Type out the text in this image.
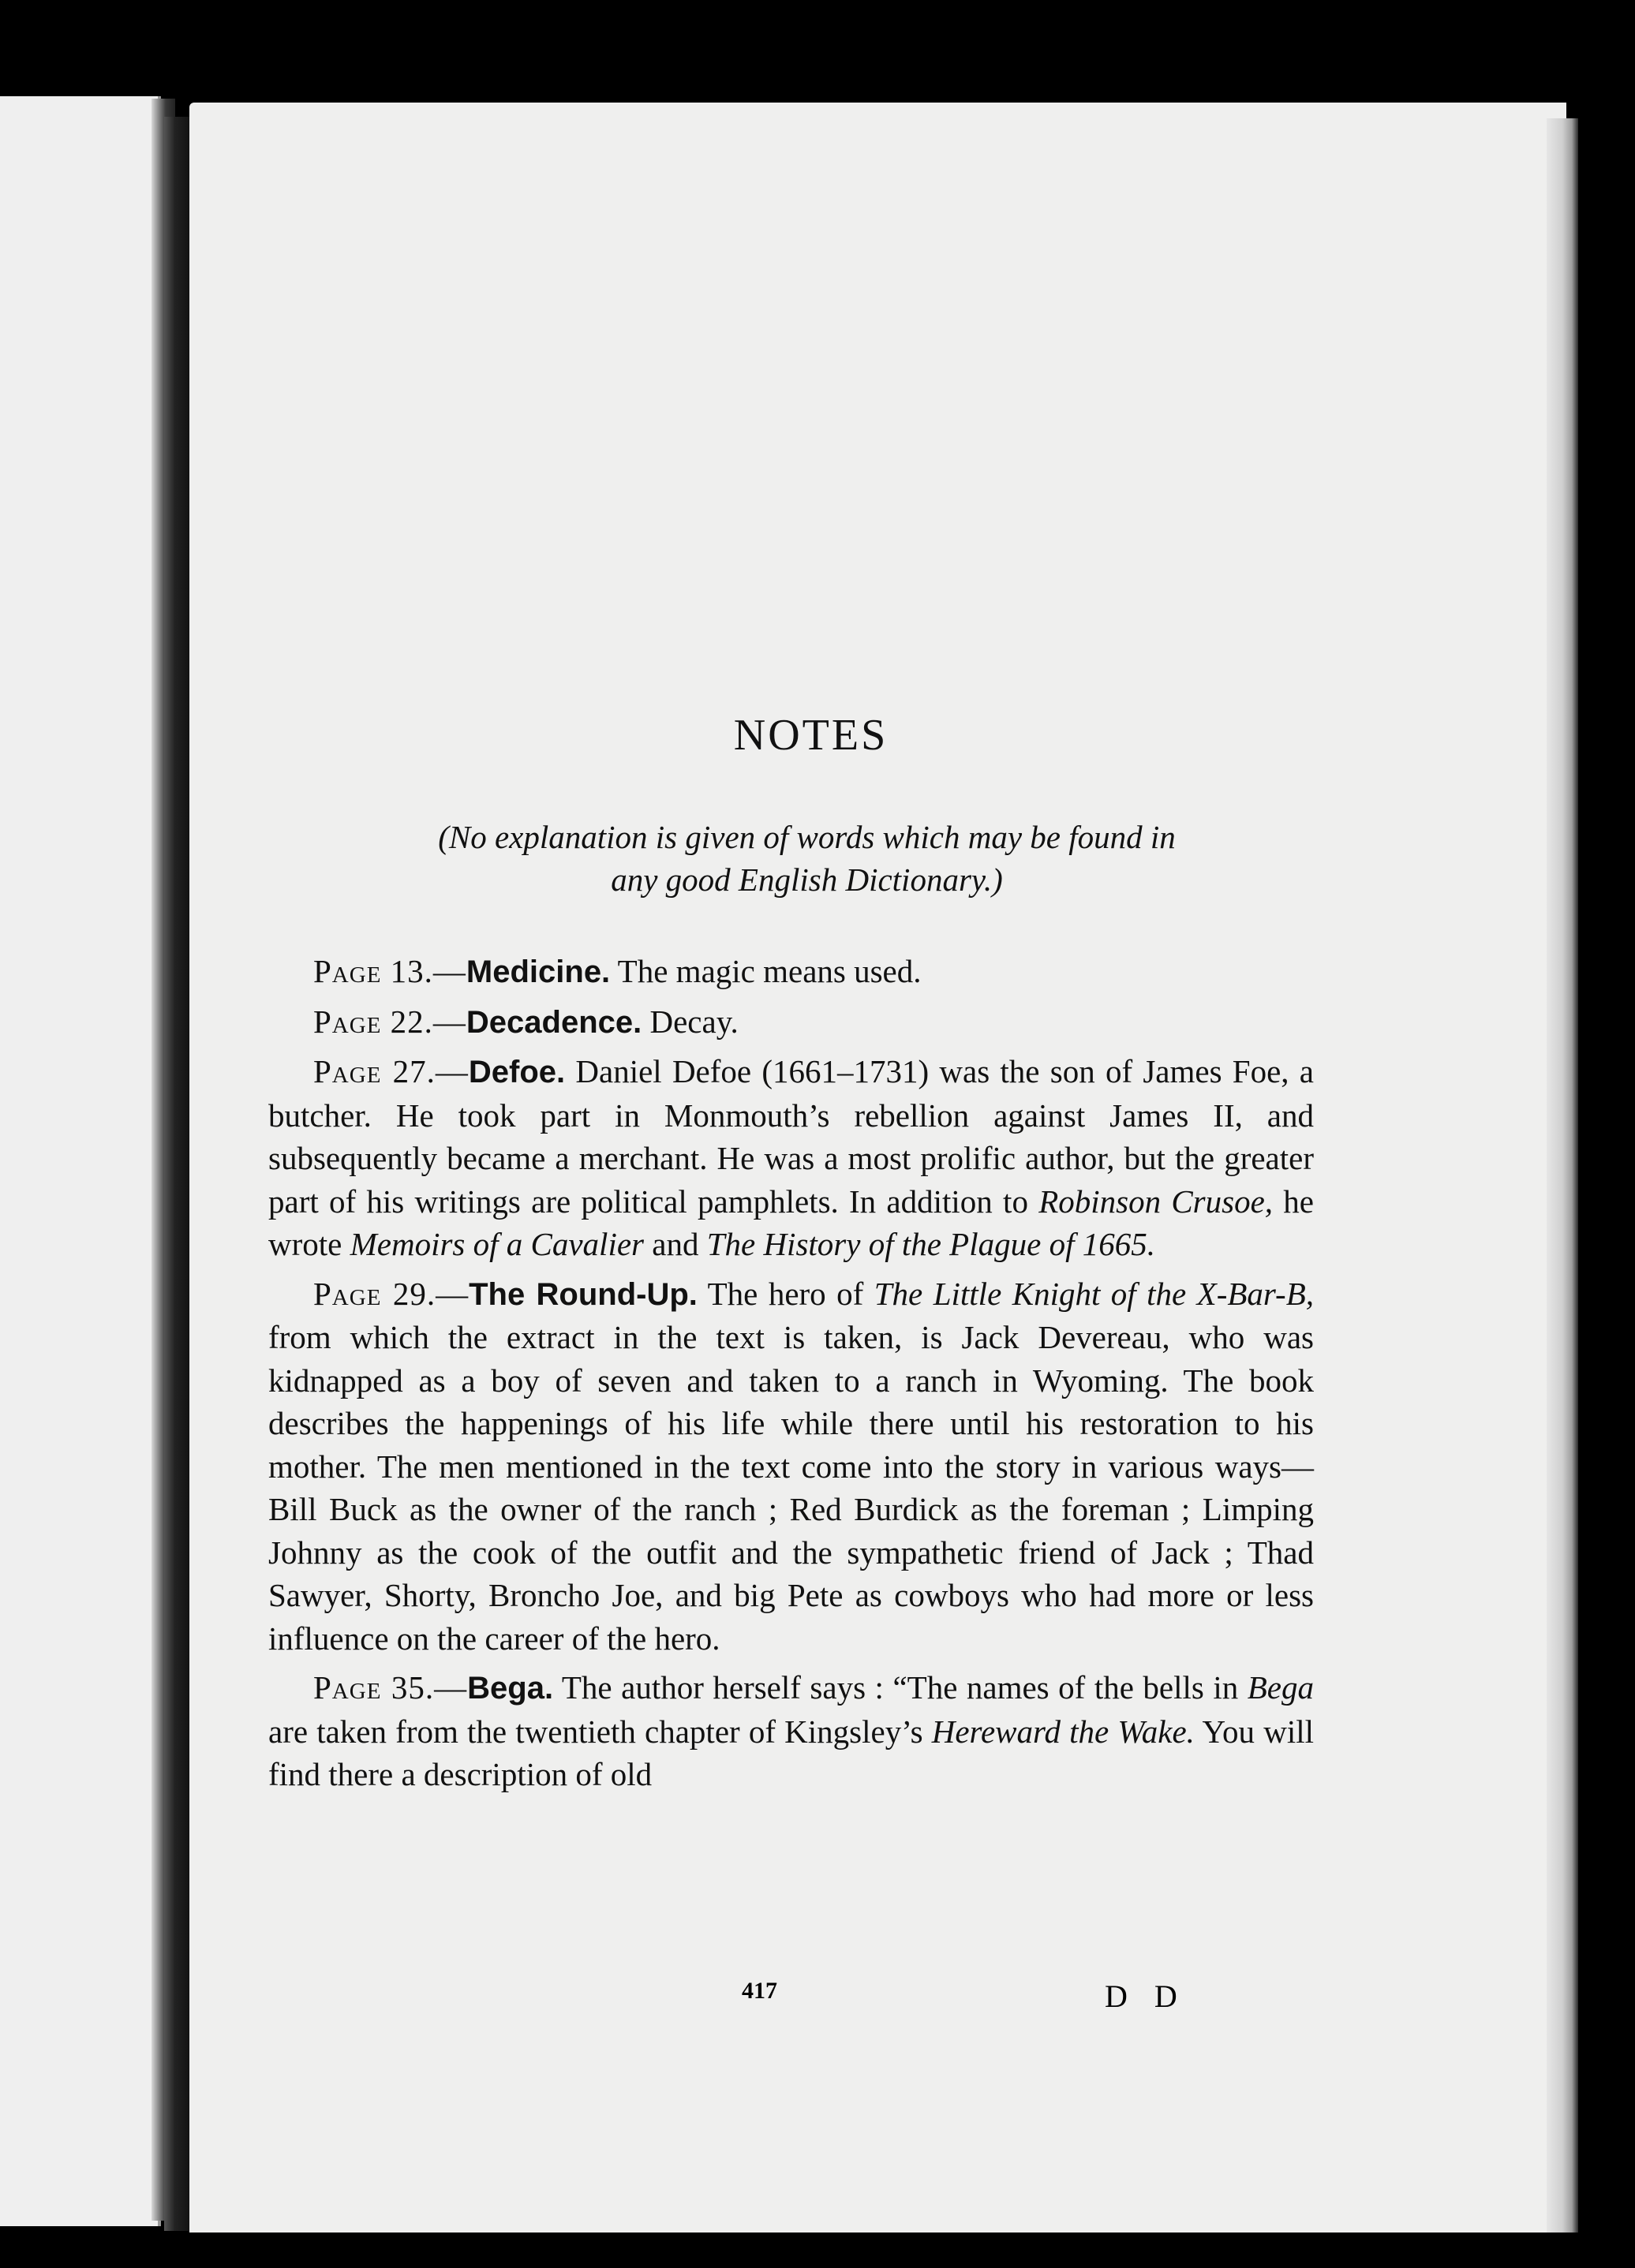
NOTES

(No explanation is given of words which may be found in
any good English Dictionary.)

Page 13.—Medicine. The magic means used.

Page 22.—Decadence. Decay.

Page 27.—Defoe. Daniel Defoe (1661–1731) was the son of James Foe, a butcher. He took part in Monmouth’s rebellion against James II, and subsequently became a merchant. He was a most prolific author, but the greater part of his writings are political pamphlets. In addition to Robinson Crusoe, he wrote Memoirs of a Cavalier and The History of the Plague of 1665.

Page 29.—The Round-Up. The hero of The Little Knight of the X-Bar-B, from which the extract in the text is taken, is Jack Devereau, who was kidnapped as a boy of seven and taken to a ranch in Wyoming. The book describes the happenings of his life while there until his restoration to his mother. The men mentioned in the text come into the story in various ways—Bill Buck as the owner of the ranch ; Red Burdick as the foreman ; Limping Johnny as the cook of the outfit and the sympathetic friend of Jack ; Thad Sawyer, Shorty, Broncho Joe, and big Pete as cowboys who had more or less influence on the career of the hero.

Page 35.—Bega. The author herself says : “The names of the bells in Bega are taken from the twentieth chapter of Kingsley’s Hereward the Wake. You will find there a description of old

417	D D
